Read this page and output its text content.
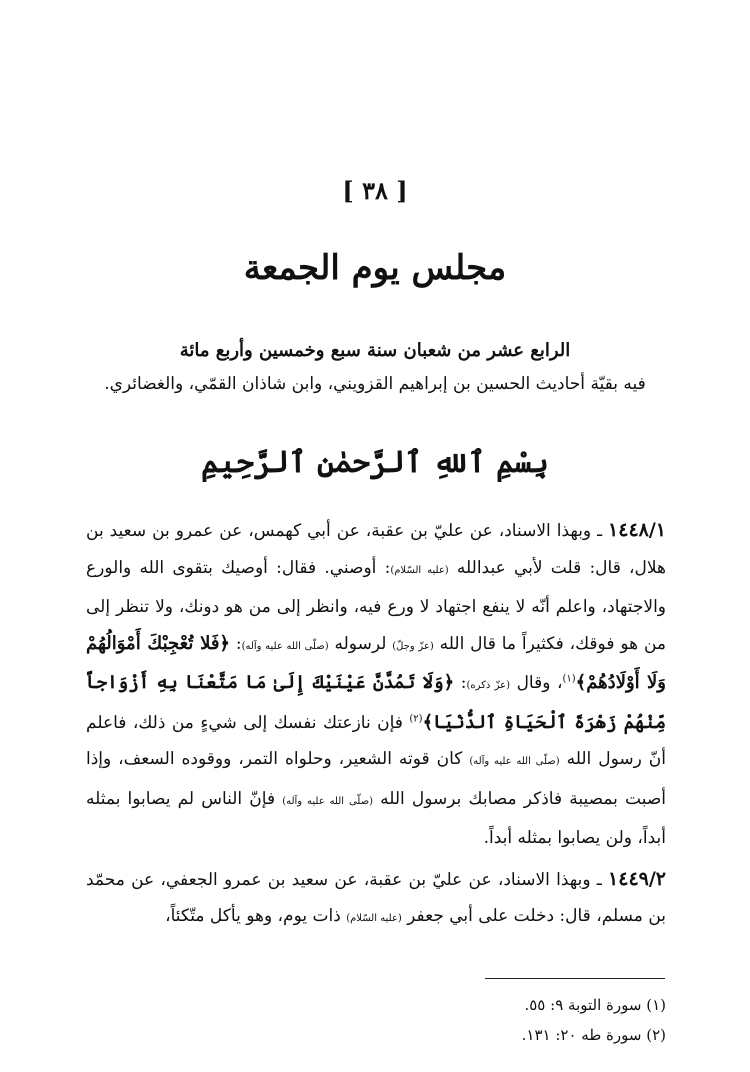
[ ٣٨ ]
مجلس يوم الجمعة
الرابع عشر من شعبان سنة سبع وخمسين وأربع مائة
فيه بقيّة أحاديث الحسين بن إبراهيم القزويني، وابن شاذان القمّي، والغضائري.
بِسْمِ ٱللهِ ٱلرَّحمٰنِ ٱلرَّحِيمِ

١٤٤٨/١ ـ وبهذا الاسناد، عن عليّ بن عقبة، عن أبي كهمس، عن عمرو بن سعيد بن هلال، قال: قلت لأبي عبدالله (عليه السّلام): أوصني. فقال: أوصيك بتقوى الله والورع والاجتهاد، واعلم أنّه لا ينفع اجتهاد لا ورع فيه، وانظر إلى من هو دونك، ولا تنظر إلى من هو فوقك، فكثيراً ما قال الله (عزّ وجلّ) لرسوله (صلّى الله عليه وآله): ﴿فَلا تُعْجِبْكَ أَمْوَالُهُمْ وَلَا أَوْلَادُهُمْ﴾$^{(١)}$، وقال (عزّ ذكره): ﴿وَلَا تَمُدَّنَّ عَيْنَيْكَ إِلَىٰ مَا مَتَّعْنَا بِهِ أَزْوَاجاً مِّنْهُمْ زَهْرَةَ ٱلْحَيَاةِ ٱلدُّنْيَا﴾$^{(٢)}$ فإن نازعتك نفسك إلى شيءٍ من ذلك، فاعلم أنّ رسول الله (صلّى الله عليه وآله) كان قوته الشعير، وحلواه التمر، ووقوده السعف، وإذا أصبت بمصيبة فاذكر مصابك برسول الله (صلّى الله عليه وآله) فإنّ الناس لم يصابوا بمثله أبداً، ولن يصابوا بمثله أبداً.

١٤٤٩/٢ ـ وبهذا الاسناد، عن عليّ بن عقبة، عن سعيد بن عمرو الجعفي، عن محمّد بن مسلم، قال: دخلت على أبي جعفر (عليه السّلام) ذات يوم، وهو يأكل متّكئاً،

(١) سورة التوبة ٩: ٥٥.
(٢) سورة طه ٢٠: ١٣١.
